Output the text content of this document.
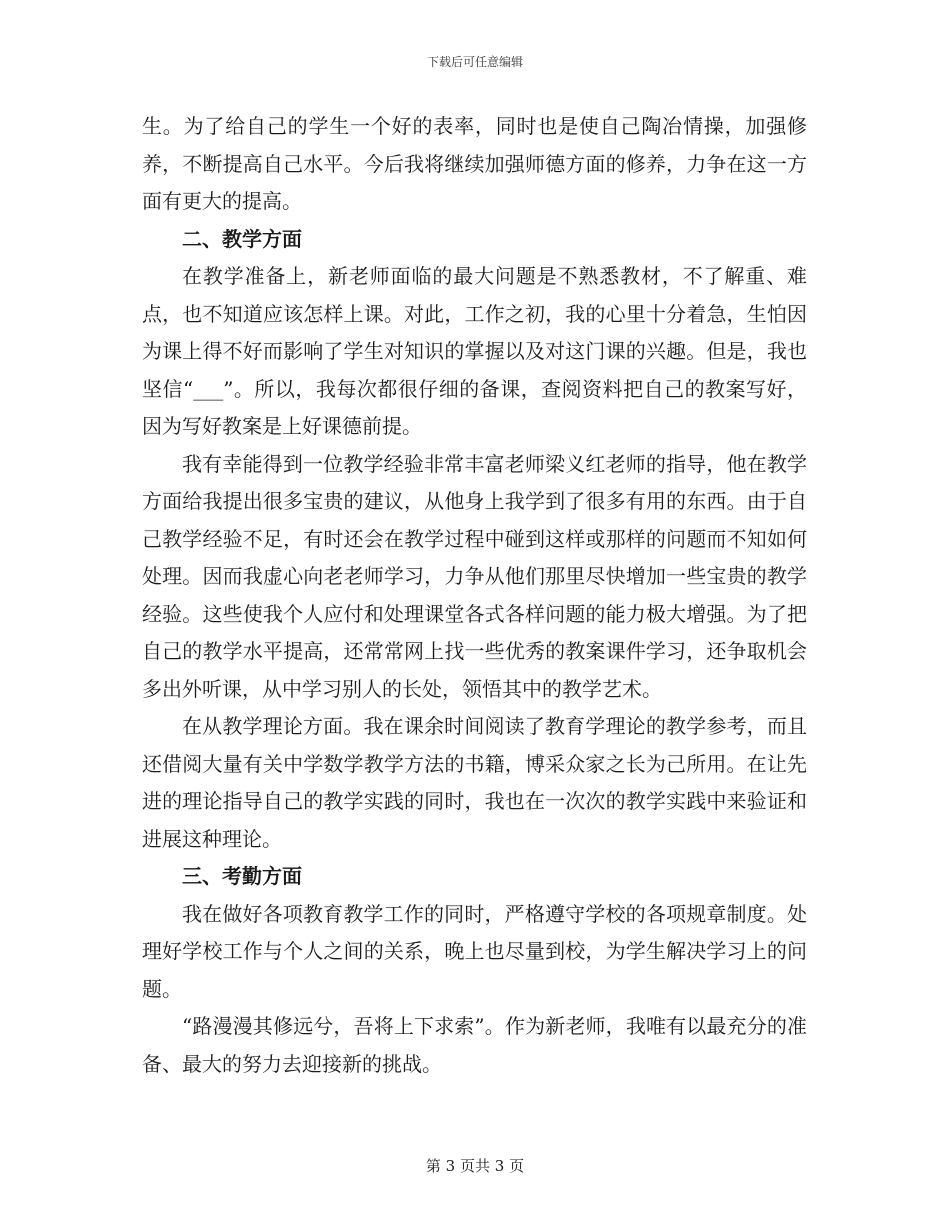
下载后可任意编辑

生。为了给自己的学生一个好的表率，同时也是使自己陶冶情操，加强修养，不断提高自己水平。今后我将继续加强师德方面的修养，力争在这一方面有更大的提高。

二、教学方面

在教学准备上，新老师面临的最大问题是不熟悉教材，不了解重、难点，也不知道应该怎样上课。对此，工作之初，我的心里十分着急，生怕因为课上得不好而影响了学生对知识的掌握以及对这门课的兴趣。但是，我也坚信“___”。所以，我每次都很仔细的备课，查阅资料把自己的教案写好，因为写好教案是上好课德前提。

我有幸能得到一位教学经验非常丰富老师梁义红老师的指导，他在教学方面给我提出很多宝贵的建议，从他身上我学到了很多有用的东西。由于自己教学经验不足，有时还会在教学过程中碰到这样或那样的问题而不知如何处理。因而我虚心向老老师学习，力争从他们那里尽快增加一些宝贵的教学经验。这些使我个人应付和处理课堂各式各样问题的能力极大增强。为了把自己的教学水平提高，还常常网上找一些优秀的教案课件学习，还争取机会多出外听课，从中学习别人的长处，领悟其中的教学艺术。

在从教学理论方面。我在课余时间阅读了教育学理论的教学参考，而且还借阅大量有关中学数学教学方法的书籍，博采众家之长为己所用。在让先进的理论指导自己的教学实践的同时，我也在一次次的教学实践中来验证和进展这种理论。

三、考勤方面

我在做好各项教育教学工作的同时，严格遵守学校的各项规章制度。处理好学校工作与个人之间的关系，晚上也尽量到校，为学生解决学习上的问题。

“路漫漫其修远兮，吾将上下求索”。作为新老师，我唯有以最充分的准备、最大的努力去迎接新的挑战。

第 3 页共 3 页
